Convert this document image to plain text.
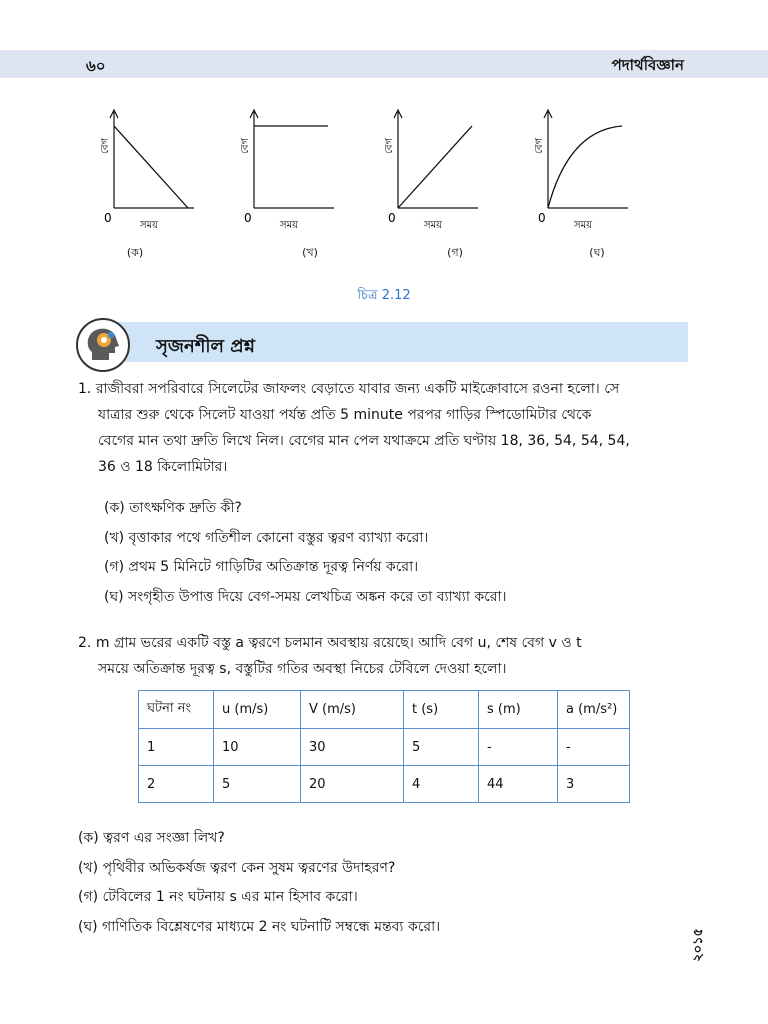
৬০	পদার্থবিজ্ঞান
0
সময়
বেগ
(ক)
0
সময়
বেগ
(খ)
0
সময়
বেগ
(গ)
0
সময়
বেগ
(ঘ)
চিত্র 2.12
সৃজনশীল প্রশ্ন

1. রাজীবরা সপরিবারে সিলেটের জাফলং বেড়াতে যাবার জন্য একটি মাইক্রোবাসে রওনা হলো। সে
যাত্রার শুরু থেকে সিলেট যাওয়া পর্যন্ত প্রতি 5 minute পরপর গাড়ির স্পিডোমিটার থেকে
বেগের মান তথা দ্রুতি লিখে নিল। বেগের মান পেল যথাক্রমে প্রতি ঘণ্টায় 18, 36, 54, 54, 54,
36 ও 18 কিলোমিটার।

(ক) তাৎক্ষণিক দ্রুতি কী?
(খ) বৃত্তাকার পথে গতিশীল কোনো বস্তুর ত্বরণ ব্যাখ্যা করো।
(গ) প্রথম 5 মিনিটে গাড়িটির অতিক্রান্ত দূরত্ব নির্ণয় করো।
(ঘ) সংগৃহীত উপাত্ত দিয়ে বেগ-সময় লেখচিত্র অঙ্কন করে তা ব্যাখ্যা করো।

2. m গ্রাম ভরের একটি বস্তু a ত্বরণে চলমান অবস্থায় রয়েছে। আদি বেগ u, শেষ বেগ v ও t
সময়ে অতিক্রান্ত দূরত্ব s, বস্তুটির গতির অবস্থা নিচের টেবিলে দেওয়া হলো।

ঘটনা নং	u (m/s)	V (m/s)	t (s)	s (m)	a (m/s²)
1	10	30	5	-	-
2	5	20	4	44	3
(ক) ত্বরণ এর সংজ্ঞা লিখ?
(খ) পৃথিবীর অভিকর্ষজ ত্বরণ কেন সুষম ত্বরণের উদাহরণ?
(গ) টেবিলের 1 নং ঘটনায় s এর মান হিসাব করো।
(ঘ) গাণিতিক বিশ্লেষণের মাধ্যমে 2 নং ঘটনাটি সম্বন্ধে মন্তব্য করো।
২০১৫
